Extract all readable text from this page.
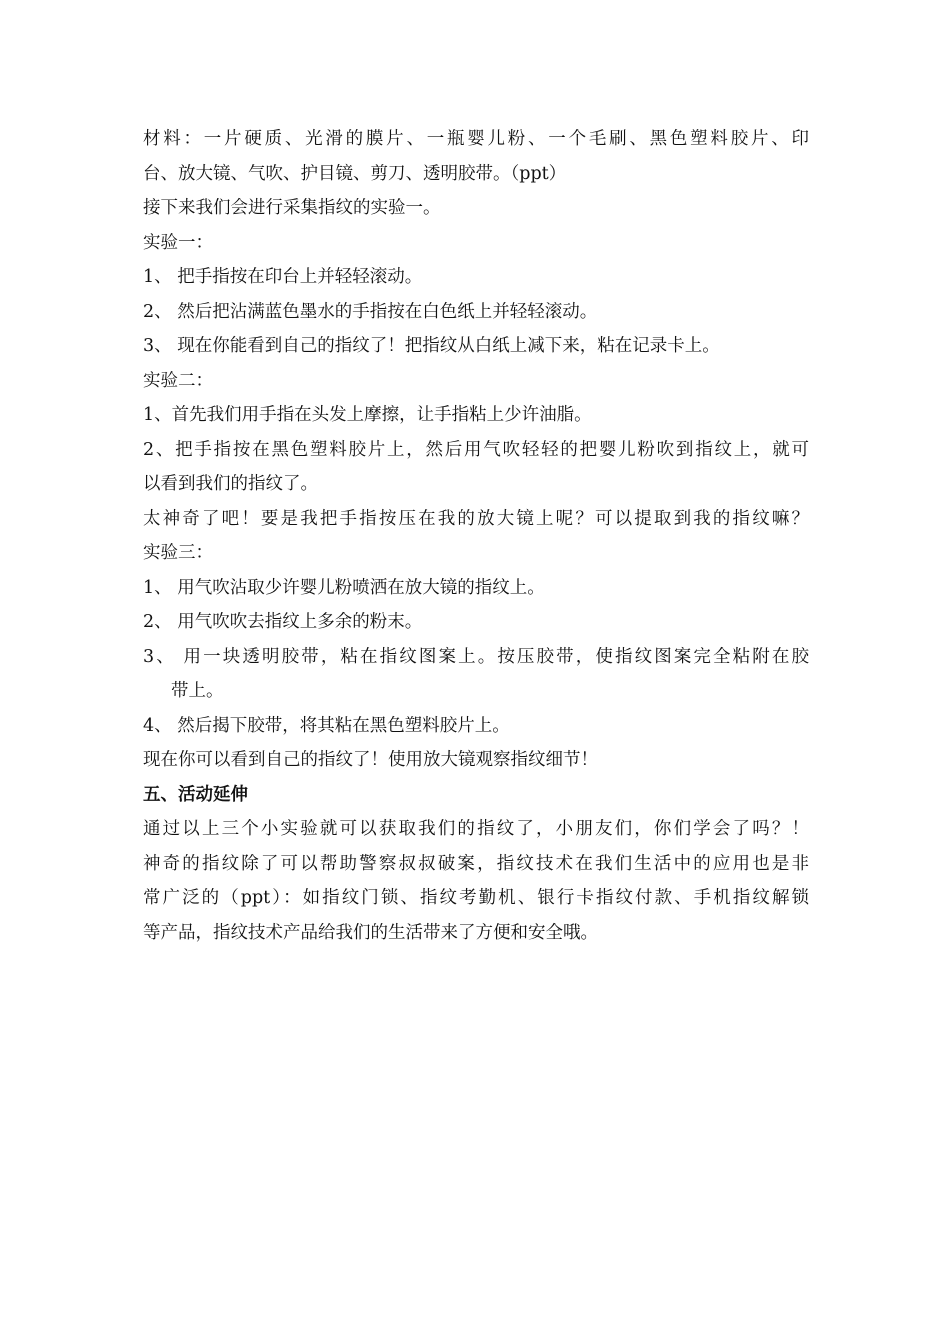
材料：一片硬质、光滑的膜片、一瓶婴儿粉、一个毛刷、黑色塑料胶片、印
台、放大镜、气吹、护目镜、剪刀、透明胶带。（ppt）
接下来我们会进行采集指纹的实验一。
实验一：
1、 把手指按在印台上并轻轻滚动。
2、 然后把沾满蓝色墨水的手指按在白色纸上并轻轻滚动。
3、 现在你能看到自己的指纹了！把指纹从白纸上减下来，粘在记录卡上。
实验二：
1、首先我们用手指在头发上摩擦，让手指粘上少许油脂。
2、把手指按在黑色塑料胶片上，然后用气吹轻轻的把婴儿粉吹到指纹上，就可
以看到我们的指纹了。
太神奇了吧！要是我把手指按压在我的放大镜上呢？可以提取到我的指纹嘛？
实验三：
1、 用气吹沾取少许婴儿粉喷洒在放大镜的指纹上。
2、 用气吹吹去指纹上多余的粉末。
3、 用一块透明胶带，粘在指纹图案上。按压胶带，使指纹图案完全粘附在胶
带上。
4、 然后揭下胶带，将其粘在黑色塑料胶片上。
现在你可以看到自己的指纹了！使用放大镜观察指纹细节！
五、活动延伸
通过以上三个小实验就可以获取我们的指纹了，小朋友们，你们学会了吗？！
神奇的指纹除了可以帮助警察叔叔破案，指纹技术在我们生活中的应用也是非
常广泛的（ppt）：如指纹门锁、指纹考勤机、银行卡指纹付款、手机指纹解锁
等产品，指纹技术产品给我们的生活带来了方便和安全哦。
